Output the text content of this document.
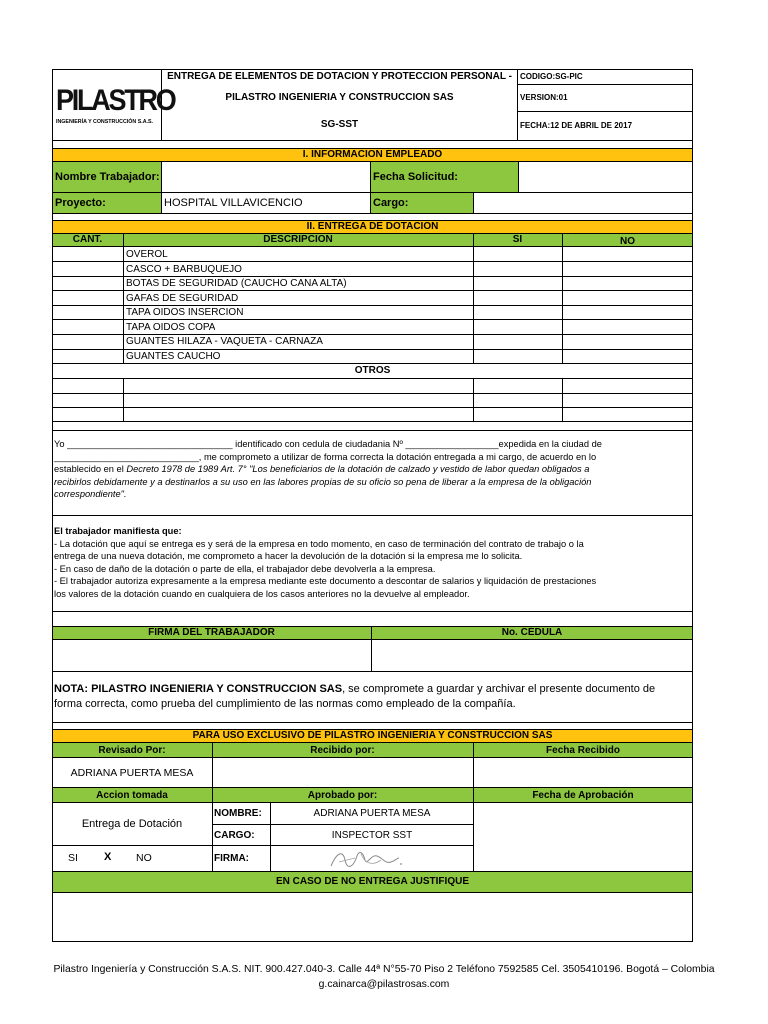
PILASTRO
INGENIERÍA Y CONSTRUCCIÓN S.A.S.
ENTREGA DE ELEMENTOS DE DOTACION Y PROTECCION PERSONAL -
PILASTRO INGENIERIA Y CONSTRUCCION SAS
SG-SST
CODIGO:SG-PIC
VERSION:01
FECHA:12 DE ABRIL DE 2017
I. INFORMACION EMPLEADO
Nombre Trabajador:	Fecha Solicitud:
Proyecto:	HOSPITAL VILLAVICENCIO	Cargo:
II. ENTREGA DE DOTACION
CANT.	DESCRIPCION	SI	NO
OVEROL
CASCO + BARBUQUEJO
BOTAS DE SEGURIDAD (CAUCHO CANA ALTA)
GAFAS DE SEGURIDAD
TAPA OIDOS INSERCION
TAPA OIDOS COPA
GUANTES HILAZA - VAQUETA - CARNAZA
GUANTES CAUCHO
OTROS
Yo ________________________________ identificado con cedula de ciudadania Nº __________________expedida en la ciudad de
____________________________, me comprometo a utilizar de forma correcta la dotación entregada a mi cargo, de acuerdo en lo
establecido en el Decreto 1978 de 1989 Art. 7° "Los beneficiarios de la dotación de calzado y vestido de labor quedan obligados a
recibirlos debidamente y a destinarlos a su uso en las labores propias de su oficio so pena de liberar a la empresa de la obligación
correspondiente".
El trabajador manifiesta que:
- La dotación que aquí se entrega es y será de la empresa en todo momento, en caso de terminación del contrato de trabajo o la
entrega de una nueva dotación, me comprometo a hacer la devolución de la dotación si la empresa me lo solicita.
- En caso de daño de la dotación o parte de ella, el trabajador debe devolverla a la empresa.
- El trabajador autoriza expresamente a la empresa mediante este documento a descontar de salarios y liquidación de prestaciones
los valores de la dotación cuando en cualquiera de los casos anteriores no la devuelve al empleador.
FIRMA DEL TRABAJADOR	No. CÉDULA
NOTA: PILASTRO INGENIERIA Y CONSTRUCCION SAS, se compromete a guardar y archivar el presente documento de
forma correcta, como prueba del cumplimiento de las normas como empleado de la compañía.
PARA USO EXCLUSIVO DE PILASTRO INGENIERIA Y CONSTRUCCION SAS
Revisado Por:	Recibido por:	Fecha Recibido
ADRIANA PUERTA MESA
Accion tomada	Aprobado por:	Fecha de Aprobación
Entrega de Dotación
NOMBRE:	ADRIANA PUERTA MESA
CARGO:	INSPECTOR SST
FIRMA:
SI X NO
EN CASO DE NO ENTREGA JUSTIFIQUE
Pilastro Ingeniería y Construcción S.A.S. NIT. 900.427.040-3. Calle 44ª N°55-70 Piso 2 Teléfono 7592585 Cel. 3505410196. Bogotá – Colombia
g.cainarca@pilastrosas.com
